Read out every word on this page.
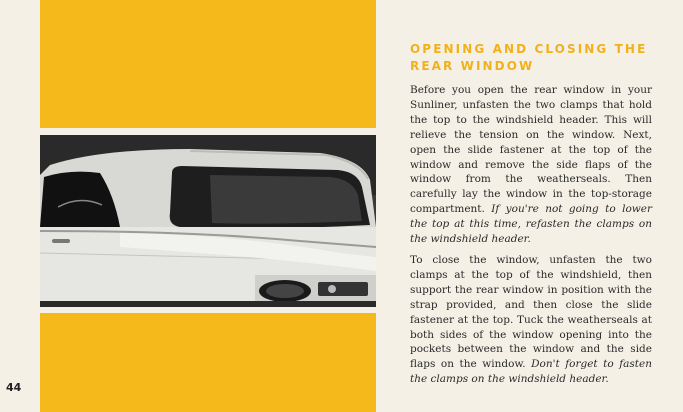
44
OPENING AND CLOSING THE
REAR WINDOW

Before you open the rear window in your Sunliner, unfasten the two clamps that hold the top to the windshield header. This will relieve the tension on the window. Next, open the slide fastener at the top of the window and remove the side flaps of the window from the weatherseals. Then carefully lay the window in the top-storage compartment. If you're not going to lower the top at this time, refasten the clamps on the windshield header.

To close the window, unfasten the two clamps at the top of the windshield, then support the rear window in position with the strap provided, and then close the slide fastener at the top. Tuck the weatherseals at both sides of the window opening into the pockets between the window and the side flaps on the window. Don't forget to fasten the clamps on the windshield header.
